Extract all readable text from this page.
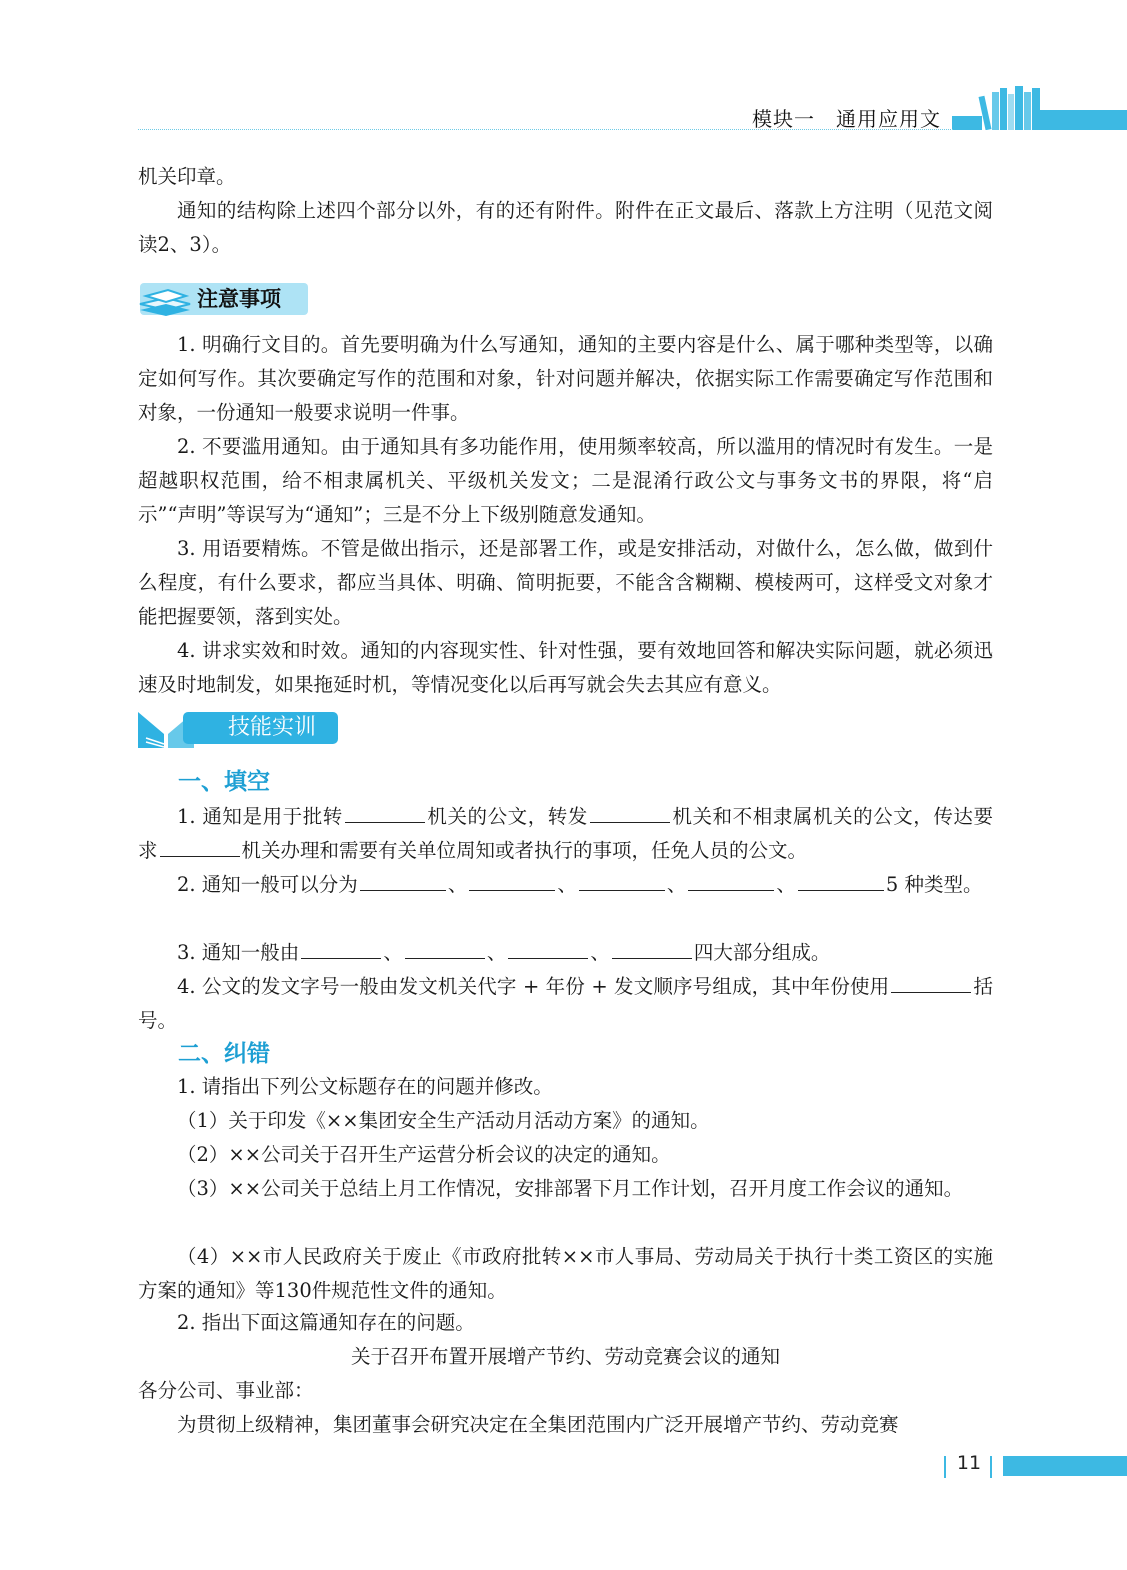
模块一　通用应用文

机关印章。

通知的结构除上述四个部分以外，有的还有附件。附件在正文最后、落款上方注明（见范文阅读2、3）。

注意事项

1. 明确行文目的。首先要明确为什么写通知，通知的主要内容是什么、属于哪种类型等，以确定如何写作。其次要确定写作的范围和对象，针对问题并解决，依据实际工作需要确定写作范围和对象，一份通知一般要求说明一件事。

2. 不要滥用通知。由于通知具有多功能作用，使用频率较高，所以滥用的情况时有发生。一是超越职权范围，给不相隶属机关、平级机关发文；二是混淆行政公文与事务文书的界限，将“启示”“声明”等误写为“通知”；三是不分上下级别随意发通知。

3. 用语要精炼。不管是做出指示，还是部署工作，或是安排活动，对做什么，怎么做，做到什么程度，有什么要求，都应当具体、明确、简明扼要，不能含含糊糊、模棱两可，这样受文对象才能把握要领，落到实处。

4. 讲求实效和时效。通知的内容现实性、针对性强，要有效地回答和解决实际问题，就必须迅速及时地制发，如果拖延时机，等情况变化以后再写就会失去其应有意义。

技能实训
一、填空

1. 通知是用于批转	机关的公文，转发	机关和不相隶属机关的公文，传达要求	机关办理和需要有关单位周知或者执行的事项，任免人员的公文。

2. 通知一般可以分为	、	、	、	、	5 种类型。

3. 通知一般由	、	、	、	四大部分组成。

4. 公文的发文字号一般由发文机关代字 + 年份 + 发文顺序号组成，其中年份使用	括号。

二、纠错

1. 请指出下列公文标题存在的问题并修改。

（1）关于印发《××集团安全生产活动月活动方案》的通知。

（2）××公司关于召开生产运营分析会议的决定的通知。

（3）××公司关于总结上月工作情况，安排部署下月工作计划，召开月度工作会议的通知。

（4）××市人民政府关于废止《市政府批转××市人事局、劳动局关于执行十类工资区的实施方案的通知》等130件规范性文件的通知。

2. 指出下面这篇通知存在的问题。

关于召开布置开展增产节约、劳动竞赛会议的通知

各分公司、事业部：

为贯彻上级精神，集团董事会研究决定在全集团范围内广泛开展增产节约、劳动竞赛

11
